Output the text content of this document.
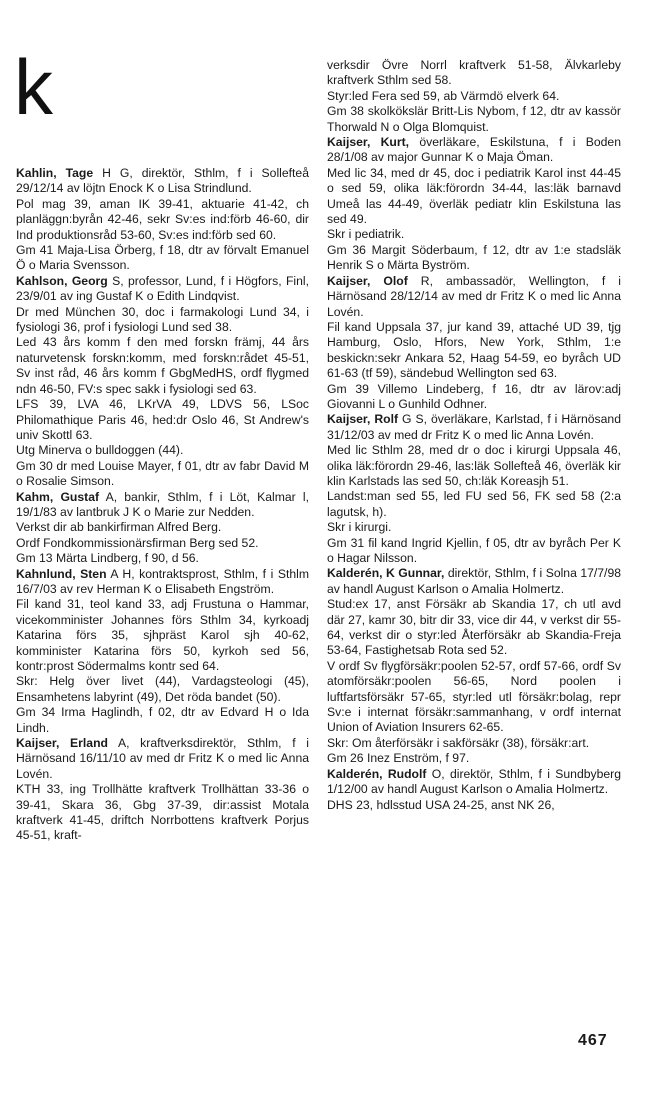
k

Kahlin, Tage H G, direktör, Sthlm, f i Sollefteå 29/12/14 av löjtn Enock K o Lisa Strindlund.

Pol mag 39, aman IK 39-41, aktuarie 41-42, ch planläggn:byrån 42-46, sekr Sv:es ind:förb 46-60, dir Ind produktionsråd 53-60, Sv:es ind:förb sed 60.

Gm 41 Maja-Lisa Örberg, f 18, dtr av förvalt Emanuel Ö o Maria Svensson.

Kahlson, Georg S, professor, Lund, f i Högfors, Finl, 23/9/01 av ing Gustaf K o Edith Lindqvist.

Dr med München 30, doc i farmakologi Lund 34, i fysiologi 36, prof i fysiologi Lund sed 38.

Led 43 års komm f den med forskn främj, 44 års naturvetensk forskn:komm, med forskn:rådet 45-51, Sv inst råd, 46 års komm f GbgMedHS, ordf flygmed ndn 46-50, FV:s spec sakk i fysiologi sed 63.

LFS 39, LVA 46, LKrVA 49, LDVS 56, LSoc Philomathique Paris 46, hed:dr Oslo 46, St Andrew's univ Skottl 63.

Utg Minerva o bulldoggen (44).

Gm 30 dr med Louise Mayer, f 01, dtr av fabr David M o Rosalie Simson.

Kahm, Gustaf A, bankir, Sthlm, f i Löt, Kalmar l, 19/1/83 av lantbruk J K o Marie zur Nedden.

Verkst dir ab bankirfirman Alfred Berg.

Ordf Fondkommissionärsfirman Berg sed 52.

Gm 13 Märta Lindberg, f 90, d 56.

Kahnlund, Sten A H, kontraktsprost, Sthlm, f i Sthlm 16/7/03 av rev Herman K o Elisabeth Engström.

Fil kand 31, teol kand 33, adj Frustuna o Hammar, vicekomminister Johannes förs Sthlm 34, kyrkoadj Katarina förs 35, sjhpräst Karol sjh 40-62, komminister Katarina förs 50, kyrkoh sed 56, kontr:prost Södermalms kontr sed 64.

Skr: Helg över livet (44), Vardagsteologi (45), Ensamhetens labyrint (49), Det röda bandet (50).

Gm 34 Irma Haglindh, f 02, dtr av Edvard H o Ida Lindh.

Kaijser, Erland A, kraftverksdirektör, Sthlm, f i Härnösand 16/11/10 av med dr Fritz K o med lic Anna Lovén.

KTH 33, ing Trollhätte kraftverk Trollhättan 33-36 o 39-41, Skara 36, Gbg 37-39, dir:assist Motala kraftverk 41-45, driftch Norrbottens kraftverk Porjus 45-51, kraft-

verksdir Övre Norrl kraftverk 51-58, Älvkarleby kraftverk Sthlm sed 58.

Styr:led Fera sed 59, ab Värmdö elverk 64.

Gm 38 skolkökslär Britt-Lis Nybom, f 12, dtr av kassör Thorwald N o Olga Blomquist.

Kaijser, Kurt, överläkare, Eskilstuna, f i Boden 28/1/08 av major Gunnar K o Maja Öman.

Med lic 34, med dr 45, doc i pediatrik Karol inst 44-45 o sed 59, olika läk:förordn 34-44, las:läk barnavd Umeå las 44-49, överläk pediatr klin Eskilstuna las sed 49.

Skr i pediatrik.

Gm 36 Margit Söderbaum, f 12, dtr av 1:e stadsläk Henrik S o Märta Byström.

Kaijser, Olof R, ambassadör, Wellington, f i Härnösand 28/12/14 av med dr Fritz K o med lic Anna Lovén.

Fil kand Uppsala 37, jur kand 39, attaché UD 39, tjg Hamburg, Oslo, Hfors, New York, Sthlm, 1:e beskickn:sekr Ankara 52, Haag 54-59, eo byråch UD 61-63 (tf 59), sändebud Wellington sed 63.

Gm 39 Villemo Lindeberg, f 16, dtr av lärov:adj Giovanni L o Gunhild Odhner.

Kaijser, Rolf G S, överläkare, Karlstad, f i Härnösand 31/12/03 av med dr Fritz K o med lic Anna Lovén.

Med lic Sthlm 28, med dr o doc i kirurgi Uppsala 46, olika läk:förordn 29-46, las:läk Sollefteå 46, överläk kir klin Karlstads las sed 50, ch:läk Koreasjh 51.

Landst:man sed 55, led FU sed 56, FK sed 58 (2:a lagutsk, h).

Skr i kirurgi.

Gm 31 fil kand Ingrid Kjellin, f 05, dtr av byråch Per K o Hagar Nilsson.

Kalderén, K Gunnar, direktör, Sthlm, f i Solna 17/7/98 av handl August Karlson o Amalia Holmertz.

Stud:ex 17, anst Försäkr ab Skandia 17, ch utl avd där 27, kamr 30, bitr dir 33, vice dir 44, v verkst dir 55-64, verkst dir o styr:led Återförsäkr ab Skandia-Freja 53-64, Fastighetsab Rota sed 52.

V ordf Sv flygförsäkr:poolen 52-57, ordf 57-66, ordf Sv atomförsäkr:poolen 56-65, Nord poolen i luftfartsförsäkr 57-65, styr:led utl försäkr:bolag, repr Sv:e i internat försäkr:sammanhang, v ordf internat Union of Aviation Insurers 62-65.

Skr: Om återförsäkr i sakförsäkr (38), försäkr:art.

Gm 26 Inez Enström, f 97.

Kalderén, Rudolf O, direktör, Sthlm, f i Sundbyberg 1/12/00 av handl August Karlson o Amalia Holmertz.

DHS 23, hdlsstud USA 24-25, anst NK 26,

467
